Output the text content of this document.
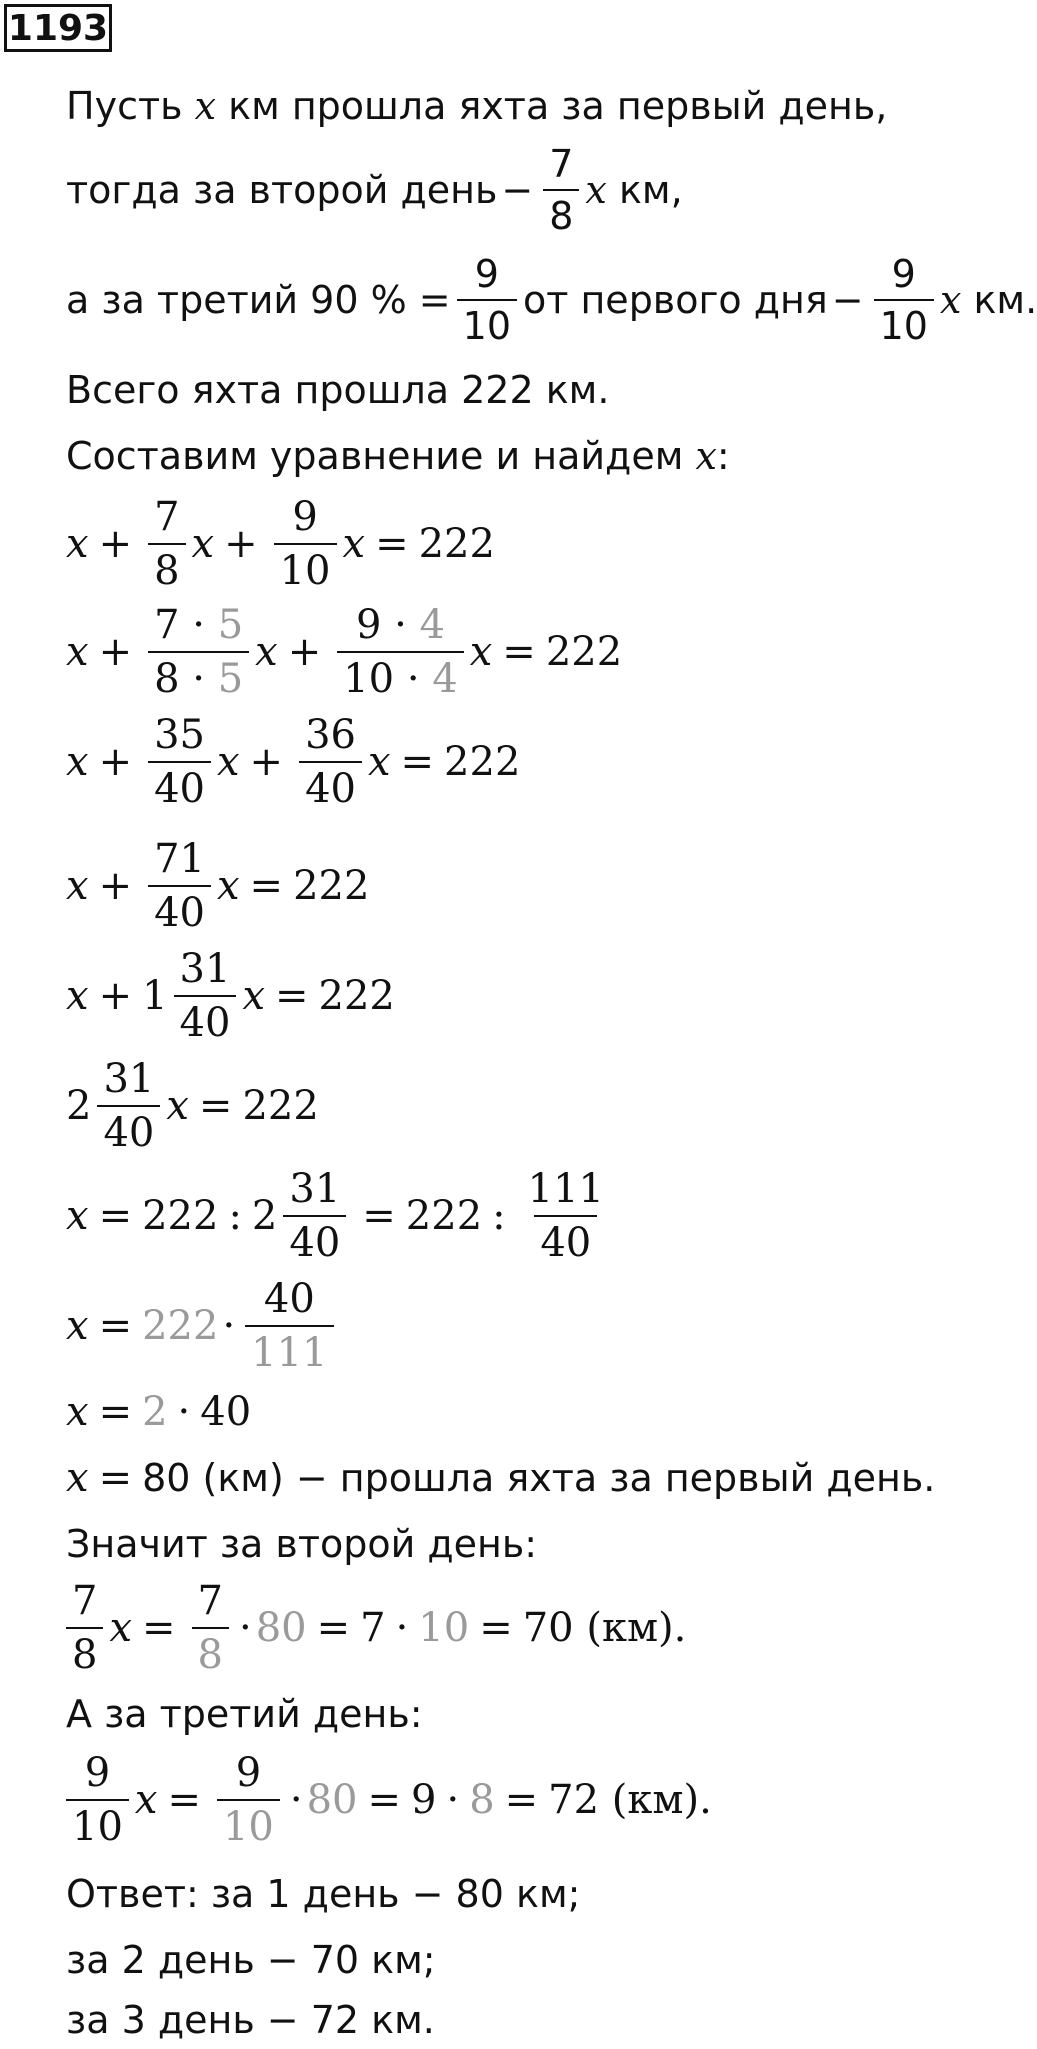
1193
Пусть
x
км прошла яхта за первый день,
тогда за второй день − $\frac{7}{8}$ x
км,
а за третий 90 % = $\frac{9}{10}$ от первого дня − $\frac{9}{10}$ x
км.
Всего яхта прошла 222 км.
Составим уравнение и найдем
x :
$x + \frac{7}{8}$ $x + \frac{9}{10}$ x = 222
$x + \frac{7 \cdot 5}{8 \cdot 5}$ $x + \frac{9 \cdot 4}{10 \cdot 4}$ x = 222
$x + \frac{35}{40}$ $x + \frac{36}{40}$ x = 222
$x + \frac{71}{40}$ x = 222
$x + 1 \frac{31}{40}$ x = 222
$2 \frac{31}{40}$ x = 222
x = 222 : $2 \frac{31}{40} = 222$ : $\frac{111}{40}$
$x = 222 \cdot \frac{40}{111}$
x = 2 · 40
x = 80 (км) − прошла яхта за первый день.
Значит за второй день:
$\frac{7}{8}$ $x = \frac{7}{8} \cdot 80 = 7 \cdot 10 = 70$ (км).
А за третий день:
$\frac{9}{10}$ $x = \frac{9}{10} \cdot 80 = 9 \cdot 8 = 72$ (км).
Ответ: за 1 день − 80 км;
за 2 день − 70 км;
за 3 день − 72 км.
